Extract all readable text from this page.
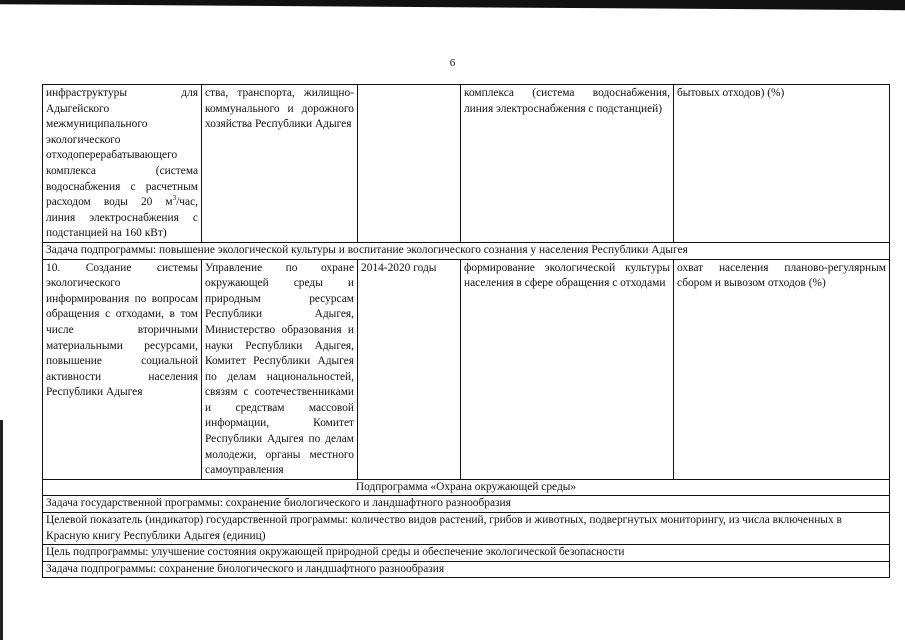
6
инфраструктуры для Адыгейского межмуниципального экологического отходоперерабатывающего комплекса (система водоснабжения с расчетным расходом воды 20 $м^3$/час, линия электроснабжения с подстанцией на 160 кВт)	ства, транспорта, жилищно-коммунального и дорожного хозяйства Республики Адыгея		комплекса (система водоснабжения, линия электроснабжения с подстанцией)	бытовых отходов) (%)
Задача подпрограммы: повышение экологической культуры и воспитание экологического сознания у населения Республики Адыгея				
10. Создание системы экологического информирования по вопросам обращения с отходами, в том числе вторичными материальными ресурсами, повышение социальной активности населения Республики Адыгея	Управление по охране окружающей среды и природным ресурсам Республики Адыгея, Министерство образования и науки Республики Адыгея, Комитет Республики Адыгея по делам национальностей, связям с соотечественниками и средствам массовой информации, Комитет Республики Адыгея по делам молодежи, органы местного самоуправления	2014-2020 годы	формирование экологической культуры населения в сфере обращения с отходами	охват населения планово-регулярным сбором и вывозом отходов (%)
Подпрограмма «Охрана окружающей среды»				
Задача государственной программы: сохранение биологического и ландшафтного разнообразия				
Целевой показатель (индикатор) государственной программы: количество видов растений, грибов и животных, подвергнутых мониторингу, из числа включенных в Красную книгу Республики Адыгея (единиц)				
Цель подпрограммы: улучшение состояния окружающей природной среды и обеспечение экологической безопасности				
Задача подпрограммы: сохранение биологического и ландшафтного разнообразия				
